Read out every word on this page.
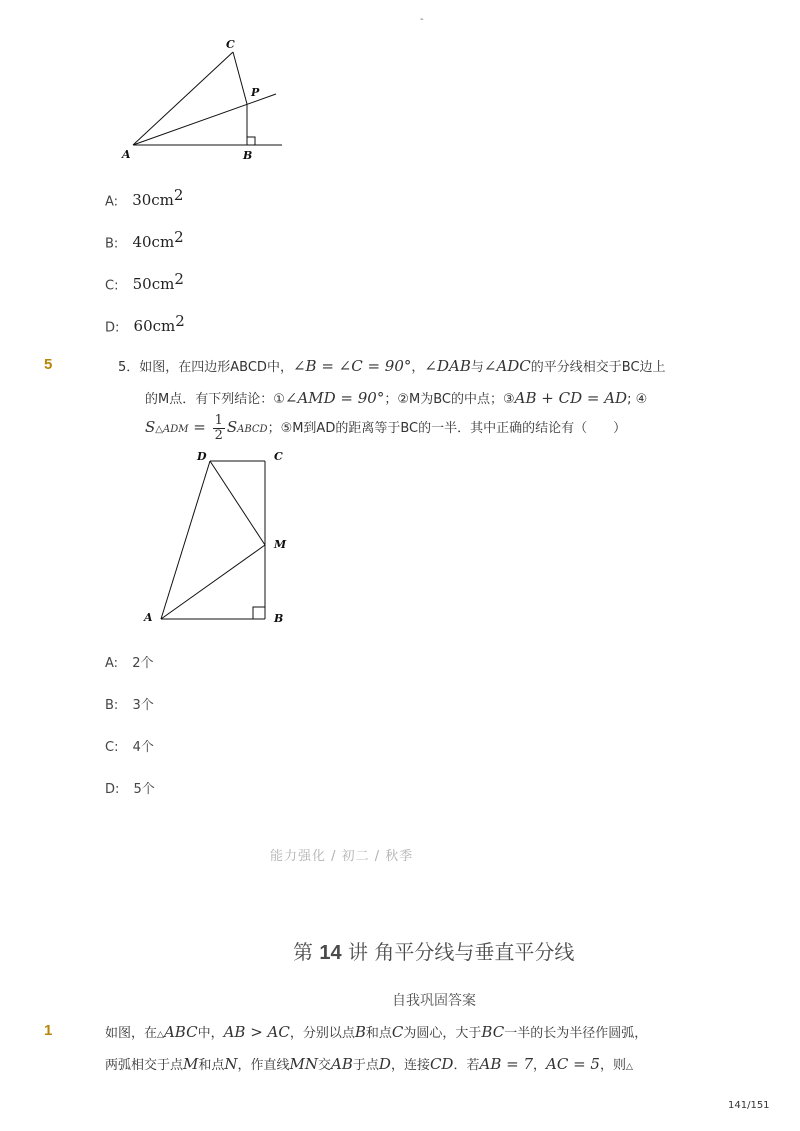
-
C
P
A	B
A: $30cm^2$
B: $40cm^2$
C: $50cm^2$
D: $60cm^2$
5	5．如图，在四边形ABCD中，∠B = ∠C = 90°，∠DAB与∠ADC的平分线相交于BC边上
的M点．有下列结论：①∠AMD = 90°；②M为BC的中点；③AB + CD = AD; ④
S△ADM = $\frac{1}{2}$ SABCD；⑤M到AD的距离等于BC的一半．其中正确的结论有（　　）
D	C
M
A	B
A: 2个
B: 3个
C: 4个
D: 5个
能力强化 / 初二 / 秋季
第 14 讲 角平分线与垂直平分线
自我巩固答案
1	如图，在△ABC中，AB > AC，分别以点B和点C为圆心，大于BC一半的长为半径作圆弧，
两弧相交于点M和点N，作直线MN交AB于点D，连接CD．若AB = 7，AC = 5，则△
141/151
